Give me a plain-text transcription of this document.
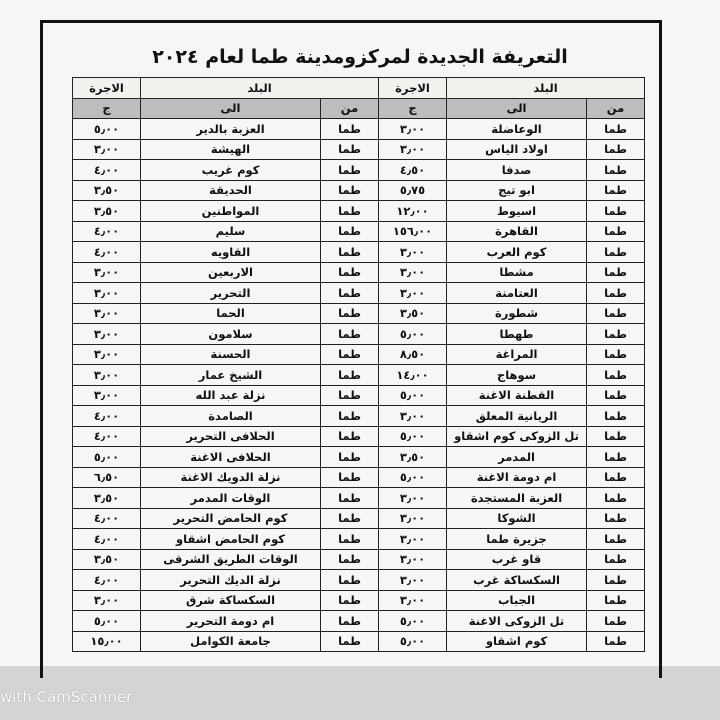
التعريفة الجديدة لمركزومدينة طما لعام ٢٠٢٤
الاجرة	البلد		الاجرة	البلد	
ج	الى	من	ج	الى	من
٥٫٠٠	العزبة بالدير	طما	٣٫٠٠	الوعاضلة	طما
٣٫٠٠	الهيشة	طما	٣٫٠٠	اولاد الياس	طما
٤٫٠٠	كوم غريب	طما	٤٫٥٠	صدفا	طما
٣٫٥٠	الحديقة	طما	٥٫٧٥	ابو تيج	طما
٣٫٥٠	المواطنين	طما	١٢٫٠٠	اسيوط	طما
٤٫٠٠	سليم	طما	١٥٦٫٠٠	القاهرة	طما
٤٫٠٠	القاويه	طما	٣٫٠٠	كوم العرب	طما
٣٫٠٠	الاربعين	طما	٣٫٠٠	مشطا	طما
٣٫٠٠	التحرير	طما	٣٫٠٠	العتامنة	طما
٣٫٠٠	الحما	طما	٣٫٥٠	شطورة	طما
٣٫٠٠	سلامون	طما	٥٫٠٠	طهطا	طما
٣٫٠٠	الحسنة	طما	٨٫٥٠	المراغة	طما
٣٫٠٠	الشيخ عمار	طما	١٤٫٠٠	سوهاج	طما
٣٫٠٠	نزلة عبد الله	طما	٥٫٠٠	القطنة الاغنة	طما
٤٫٠٠	الصامدة	طما	٣٫٠٠	الريانية المعلق	طما
٤٫٠٠	الحلافى التحرير	طما	٥٫٠٠	تل الزوكى كوم اشقاو	طما
٥٫٠٠	الحلافى الاغنة	طما	٣٫٥٠	المدمر	طما
٦٫٥٠	نزلة الدويك الاغنة	طما	٥٫٠٠	ام دومة الاغنة	طما
٣٫٥٠	الوقات المدمر	طما	٣٫٠٠	العزبة المستجدة	طما
٤٫٠٠	كوم الحامض التحرير	طما	٣٫٠٠	الشوكا	طما
٤٫٠٠	كوم الحامض اشقاو	طما	٣٫٠٠	جزيرة طما	طما
٣٫٥٠	الوقات الطريق الشرقى	طما	٣٫٠٠	قاو غرب	طما
٤٫٠٠	نزلة الديك التحرير	طما	٣٫٠٠	السكساكة غرب	طما
٣٫٠٠	السكساكة شرق	طما	٣٫٠٠	الجباب	طما
٥٫٠٠	ام دومة التحرير	طما	٥٫٠٠	تل الزوكى الاغنة	طما
١٥٫٠٠	جامعة الكوامل	طما	٥٫٠٠	كوم اشقاو	طما
with CamScanner
